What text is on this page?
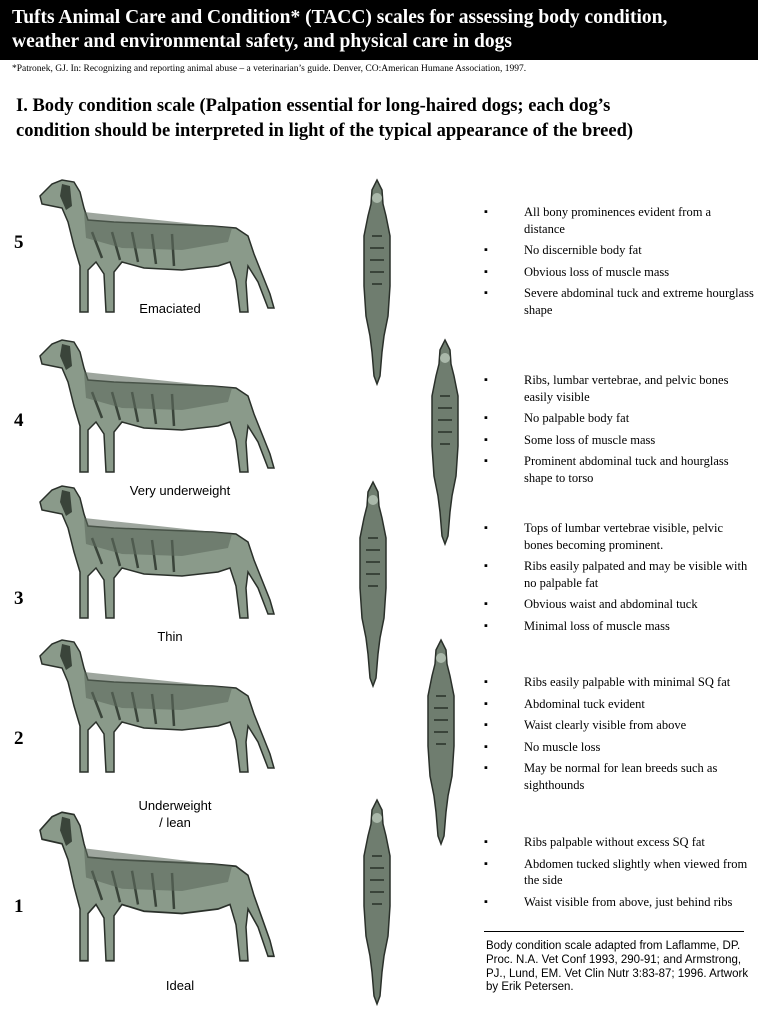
Tufts Animal Care and Condition* (TACC) scales for assessing body condition,
weather and environmental safety, and physical care in dogs
*Patronek, GJ. In: Recognizing and reporting animal abuse – a veterinarian’s guide. Denver, CO:American Humane Association, 1997.
I. Body condition scale (Palpation essential for long-haired dogs; each dog’s
condition should be interpreted in light of the typical appearance of the breed)
5
Emaciated
▪	All bony prominences evident from a distance
▪	No discernible body fat
▪	Obvious loss of muscle mass
▪	Severe abdominal tuck and extreme hourglass shape
4
Very underweight
▪	Ribs, lumbar vertebrae, and pelvic bones easily visible
▪	No palpable body fat
▪	Some loss of muscle mass
▪	Prominent abdominal tuck and hourglass shape to torso
3
Thin
▪	Tops of lumbar vertebrae visible, pelvic bones becoming prominent.
▪	Ribs easily palpated and may be visible with no palpable fat
▪	Obvious waist and abdominal tuck
▪	Minimal loss of muscle mass
2
Underweight
/ lean
▪	Ribs easily palpable with minimal SQ fat
▪	Abdominal tuck evident
▪	Waist clearly visible from above
▪	No muscle loss
▪	May be normal for lean breeds such as sighthounds
1
Ideal
▪	Ribs palpable without excess SQ fat
▪	Abdomen tucked slightly when viewed from the side
▪	Waist visible from above, just behind ribs
Body condition scale adapted from Laflamme, DP. Proc. N.A. Vet Conf 1993, 290-91; and Armstrong, PJ., Lund, EM. Vet Clin Nutr 3:83-87; 1996. Artwork by Erik Petersen.
